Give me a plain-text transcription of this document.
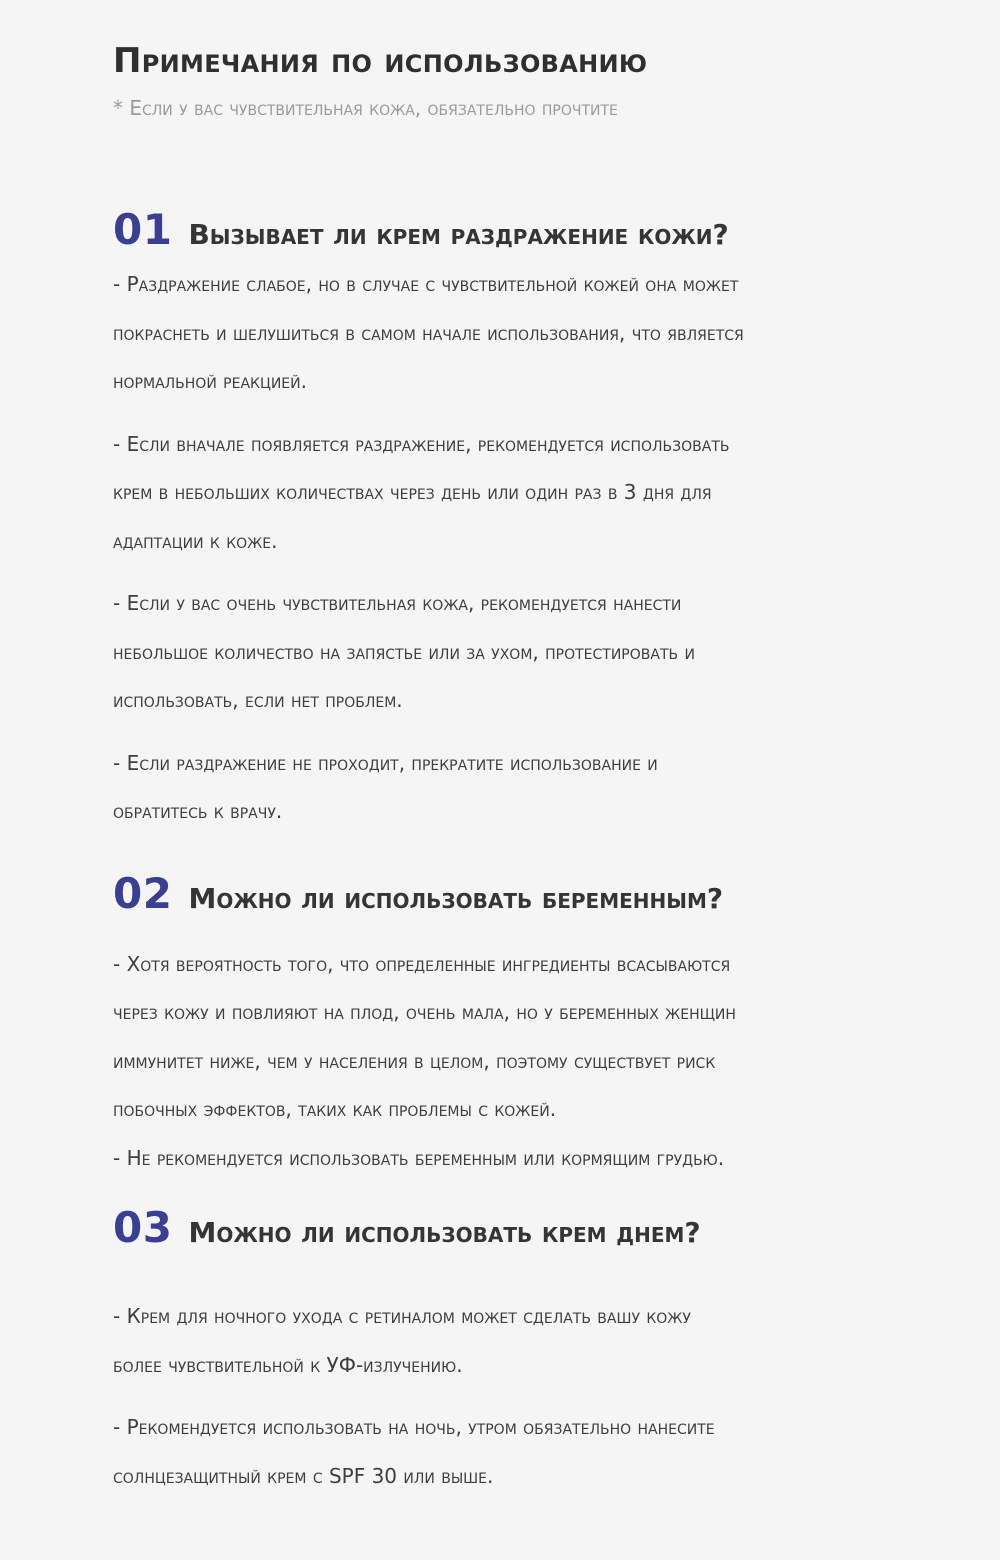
Примечания по использованию

* Если у вас чувствительная кожа, обязательно прочтите

01 Вызывает ли крем раздражение кожи?

- Раздражение слабое, но в случае с чувствительной кожей она может
покраснеть и шелушиться в самом начале использования, что является
нормальной реакцией.

- Если вначале появляется раздражение, рекомендуется использовать
крем в небольших количествах через день или один раз в 3 дня для
адаптации к коже.

- Если у вас очень чувствительная кожа, рекомендуется нанести
небольшое количество на запястье или за ухом, протестировать и
использовать, если нет проблем.

- Если раздражение не проходит, прекратите использование и
обратитесь к врачу.

02 Можно ли использовать беременным?

- Хотя вероятность того, что определенные ингредиенты всасываются
через кожу и повлияют на плод, очень мала, но у беременных женщин
иммунитет ниже, чем у населения в целом, поэтому существует риск
побочных эффектов, таких как проблемы с кожей.
- Не рекомендуется использовать беременным или кормящим грудью.

03 Можно ли использовать крем днем?

- Крем для ночного ухода с ретиналом может сделать вашу кожу
более чувствительной к УФ-излучению.

- Рекомендуется использовать на ночь, утром обязательно нанесите
солнцезащитный крем с SPF 30 или выше.
